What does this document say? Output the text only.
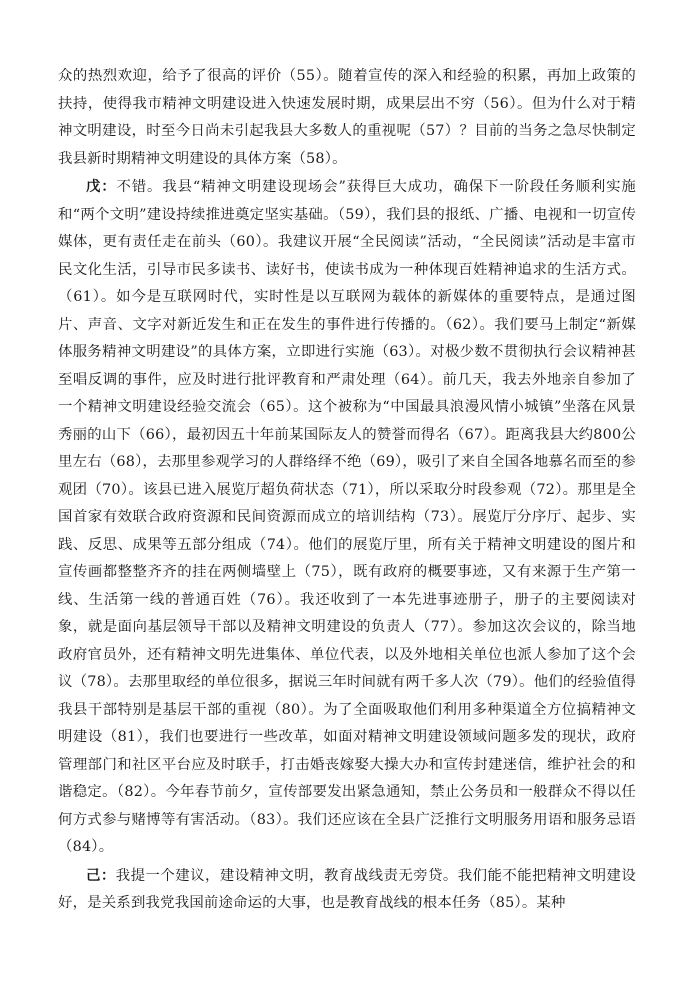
众的热烈欢迎，给予了很高的评价（55）。随着宣传的深入和经验的积累，再加上政策的扶持，使得我市精神文明建设进入快速发展时期，成果层出不穷（56）。但为什么对于精神文明建设，时至今日尚未引起我县大多数人的重视呢（57）？目前的当务之急尽快制定我县新时期精神文明建设的具体方案（58）。

戊：不错。我县“精神文明建设现场会”获得巨大成功，确保下一阶段任务顺利实施和“两个文明”建设持续推进奠定坚实基础。（59），我们县的报纸、广播、电视和一切宣传媒体，更有责任走在前头（60）。我建议开展“全民阅读”活动，“全民阅读”活动是丰富市民文化生活，引导市民多读书、读好书，使读书成为一种体现百姓精神追求的生活方式。（61）。如今是互联网时代，实时性是以互联网为载体的新媒体的重要特点，是通过图片、声音、文字对新近发生和正在发生的事件进行传播的。（62）。我们要马上制定“新媒体服务精神文明建设”的具体方案，立即进行实施（63）。对极少数不贯彻执行会议精神甚至唱反调的事件，应及时进行批评教育和严肃处理（64）。前几天，我去外地亲自参加了一个精神文明建设经验交流会（65）。这个被称为“中国最具浪漫风情小城镇”坐落在风景秀丽的山下（66），最初因五十年前某国际友人的赞誉而得名（67）。距离我县大约800公里左右（68），去那里参观学习的人群络绎不绝（69），吸引了来自全国各地慕名而至的参观团（70）。该县已进入展览厅超负荷状态（71），所以采取分时段参观（72）。那里是全国首家有效联合政府资源和民间资源而成立的培训结构（73）。展览厅分序厅、起步、实践、反思、成果等五部分组成（74）。他们的展览厅里，所有关于精神文明建设的图片和宣传画都整整齐齐的挂在两侧墙壁上（75），既有政府的概要事迹，又有来源于生产第一线、生活第一线的普通百姓（76）。我还收到了一本先进事迹册子，册子的主要阅读对象，就是面向基层领导干部以及精神文明建设的负责人（77）。参加这次会议的，除当地政府官员外，还有精神文明先进集体、单位代表，以及外地相关单位也派人参加了这个会议（78）。去那里取经的单位很多，据说三年时间就有两千多人次（79）。他们的经验值得我县干部特别是基层干部的重视（80）。为了全面吸取他们利用多种渠道全方位搞精神文明建设（81），我们也要进行一些改革，如面对精神文明建设领域问题多发的现状，政府管理部门和社区平台应及时联手，打击婚丧嫁娶大操大办和宣传封建迷信，维护社会的和谐稳定。（82）。今年春节前夕，宣传部要发出紧急通知，禁止公务员和一般群众不得以任何方式参与赌博等有害活动。（83）。我们还应该在全县广泛推行文明服务用语和服务忌语（84）。

己：我提一个建议，建设精神文明，教育战线责无旁贷。我们能不能把精神文明建设好，是关系到我党我国前途命运的大事，也是教育战线的根本任务（85）。某种
